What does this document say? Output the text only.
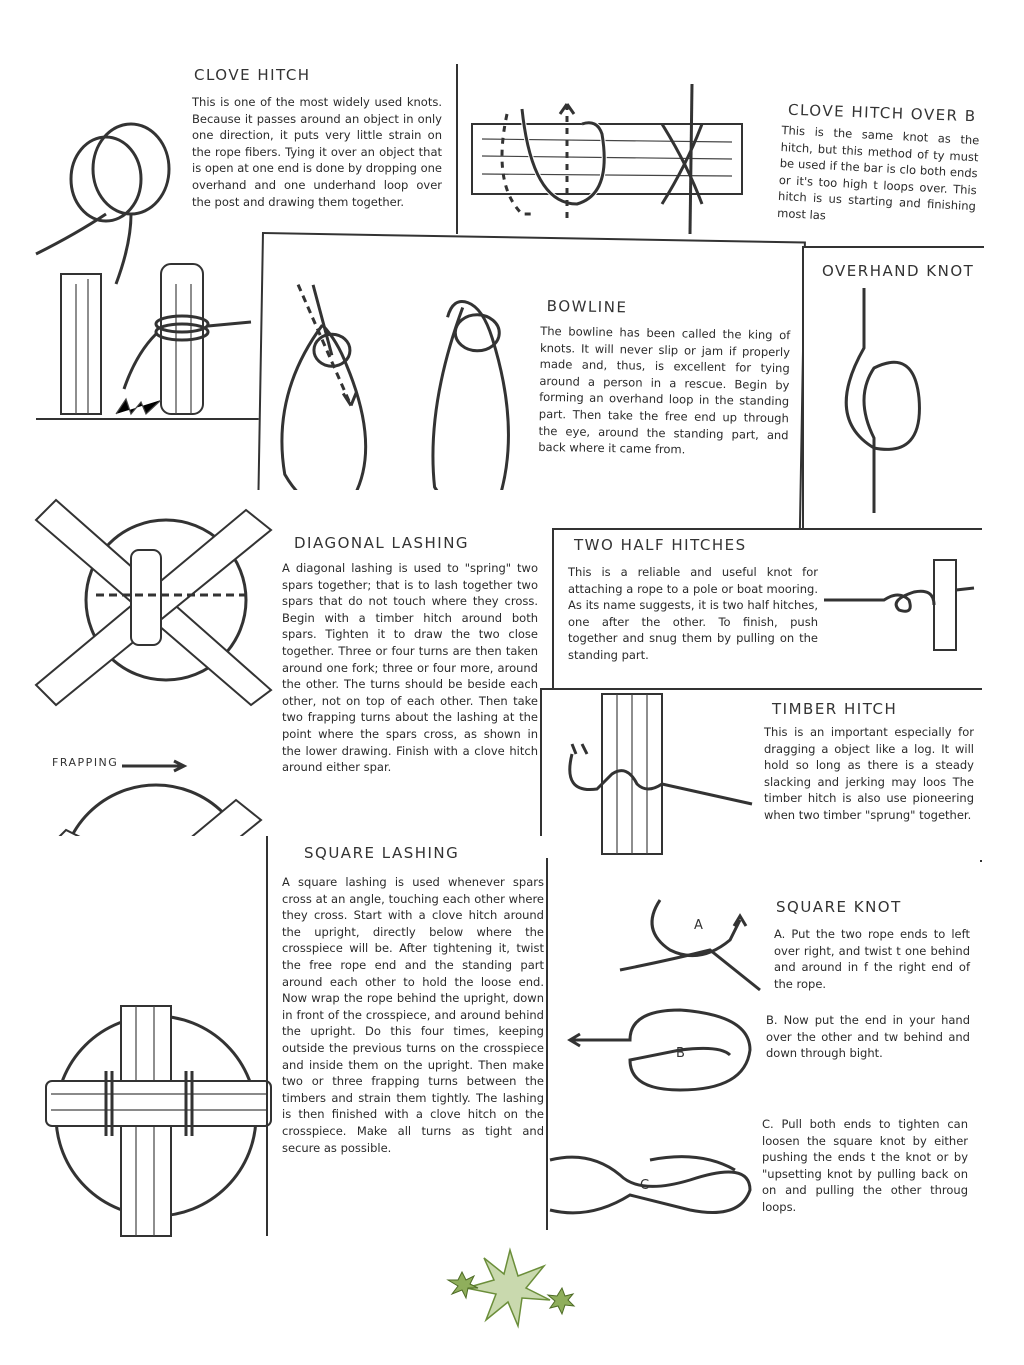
CLOVE HITCH
This is one of the most widely used knots. Because it passes around an object in only one direction, it puts very little strain on the rope fibers. Tying it over an object that is open at one end is done by dropping one overhand and one underhand loop over the post and drawing them together.
CLOVE HITCH OVER B
This is the same knot as the hitch, but this method of ty must be used if the bar is clo both ends or it's too high t loops over. This hitch is us starting and finishing most las
BOWLINE
The bowline has been called the king of knots. It will never slip or jam if properly made and, thus, is excellent for tying around a person in a rescue. Begin by forming an overhand loop in the standing part. Then take the free end up through the eye, around the standing part, and back where it came from.
OVERHAND KNOT
DIAGONAL LASHING
A diagonal lashing is used to "spring" two spars together; that is to lash together two spars that do not touch where they cross. Begin with a timber hitch around both spars. Tighten it to draw the two close together. Three or four turns are then taken around one fork; three or four more, around the other. The turns should be beside each other, not on top of each other. Then take two frapping turns about the lashing at the point where the spars cross, as shown in the lower drawing. Finish with a clove hitch around either spar.
FRAPPING
TWO HALF HITCHES
This is a reliable and useful knot for attaching a rope to a pole or boat mooring. As its name suggests, it is two half hitches, one after the other. To finish, push together and snug them by pulling on the standing part.
TIMBER HITCH
This is an important especially for dragging a object like a log. It will hold so long as there is a steady slacking and jerking may loos The timber hitch is also use pioneering when two timber "sprung" together.
SQUARE LASHING
A square lashing is used whenever spars cross at an angle, touching each other where they cross. Start with a clove hitch around the upright, directly below where the crosspiece will be. After tightening it, twist the free rope end and the standing part around each other to hold the loose end. Now wrap the rope behind the upright, down in front of the crosspiece, and around behind the upright. Do this four times, keeping outside the previous turns on the crosspiece and inside them on the upright. Then make two or three frapping turns between the timbers and strain them tightly. The lashing is then finished with a clove hitch on the crosspiece. Make all turns as tight and secure as possible.
A
B
C
SQUARE KNOT
A. Put the two rope ends to left over right, and twist t one behind and around in f the right end of the rope.
B. Now put the end in your hand over the other and tw behind and down through bight.
C. Pull both ends to tighten can loosen the square knot by either pushing the ends t the knot or by "upsetting knot by pulling back on on and pulling the other throug loops.
